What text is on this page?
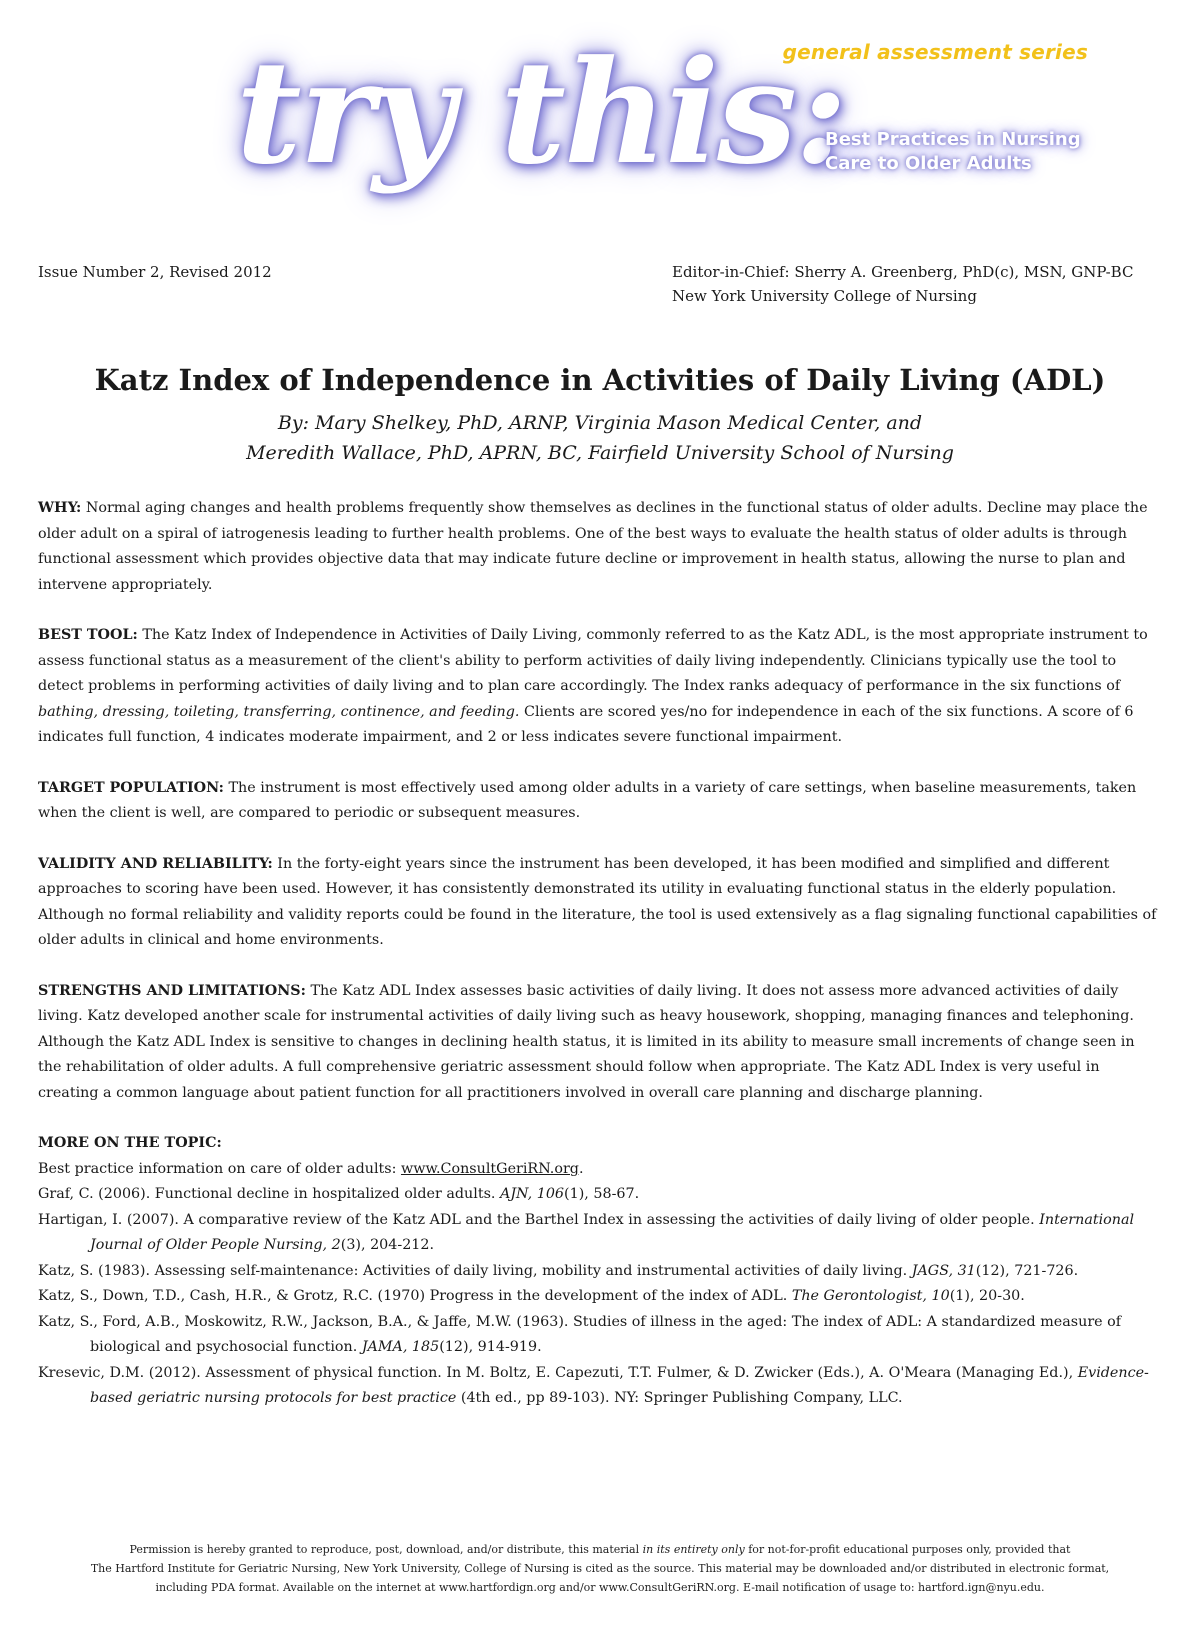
general assessment series
try this:
Best Practices in Nursing
Care to Older Adults
Issue Number 2, Revised 2012	Editor-in-Chief: Sherry A. Greenberg, PhD(c), MSN, GNP-BC
New York University College of Nursing
Katz Index of Independence in Activities of Daily Living (ADL)
By: Mary Shelkey, PhD, ARNP, Virginia Mason Medical Center, and
Meredith Wallace, PhD, APRN, BC, Fairfield University School of Nursing

WHY: Normal aging changes and health problems frequently show themselves as declines in the functional status of older adults. Decline may place the older adult on a spiral of iatrogenesis leading to further health problems. One of the best ways to evaluate the health status of older adults is through functional assessment which provides objective data that may indicate future decline or improvement in health status, allowing the nurse to plan and intervene appropriately.

BEST TOOL: The Katz Index of Independence in Activities of Daily Living, commonly referred to as the Katz ADL, is the most appropriate instrument to assess functional status as a measurement of the client's ability to perform activities of daily living independently. Clinicians typically use the tool to detect problems in performing activities of daily living and to plan care accordingly. The Index ranks adequacy of performance in the six functions of bathing, dressing, toileting, transferring, continence, and feeding. Clients are scored yes/no for independence in each of the six functions. A score of 6 indicates full function, 4 indicates moderate impairment, and 2 or less indicates severe functional impairment.

TARGET POPULATION: The instrument is most effectively used among older adults in a variety of care settings, when baseline measurements, taken when the client is well, are compared to periodic or subsequent measures.

VALIDITY AND RELIABILITY: In the forty-eight years since the instrument has been developed, it has been modified and simplified and different approaches to scoring have been used. However, it has consistently demonstrated its utility in evaluating functional status in the elderly population. Although no formal reliability and validity reports could be found in the literature, the tool is used extensively as a flag signaling functional capabilities of older adults in clinical and home environments.

STRENGTHS AND LIMITATIONS: The Katz ADL Index assesses basic activities of daily living. It does not assess more advanced activities of daily living. Katz developed another scale for instrumental activities of daily living such as heavy housework, shopping, managing finances and telephoning. Although the Katz ADL Index is sensitive to changes in declining health status, it is limited in its ability to measure small increments of change seen in the rehabilitation of older adults. A full comprehensive geriatric assessment should follow when appropriate. The Katz ADL Index is very useful in creating a common language about patient function for all practitioners involved in overall care planning and discharge planning.

MORE ON THE TOPIC:
Best practice information on care of older adults: www.ConsultGeriRN.org.
Graf, C. (2006). Functional decline in hospitalized older adults. AJN, 106(1), 58-67.
Hartigan, I. (2007). A comparative review of the Katz ADL and the Barthel Index in assessing the activities of daily living of older people. International Journal of Older People Nursing, 2(3), 204-212.
Katz, S. (1983). Assessing self-maintenance: Activities of daily living, mobility and instrumental activities of daily living. JAGS, 31(12), 721-726.
Katz, S., Down, T.D., Cash, H.R., & Grotz, R.C. (1970) Progress in the development of the index of ADL. The Gerontologist, 10(1), 20-30.
Katz, S., Ford, A.B., Moskowitz, R.W., Jackson, B.A., & Jaffe, M.W. (1963). Studies of illness in the aged: The index of ADL: A standardized measure of biological and psychosocial function. JAMA, 185(12), 914-919.
Kresevic, D.M. (2012). Assessment of physical function. In M. Boltz, E. Capezuti, T.T. Fulmer, & D. Zwicker (Eds.), A. O'Meara (Managing Ed.), Evidence-based geriatric nursing protocols for best practice (4th ed., pp 89-103). NY: Springer Publishing Company, LLC.
Permission is hereby granted to reproduce, post, download, and/or distribute, this material in its entirety only for not-for-profit educational purposes only, provided that
The Hartford Institute for Geriatric Nursing, New York University, College of Nursing is cited as the source. This material may be downloaded and/or distributed in electronic format,
including PDA format. Available on the internet at www.hartfordign.org and/or www.ConsultGeriRN.org. E-mail notification of usage to: hartford.ign@nyu.edu.
